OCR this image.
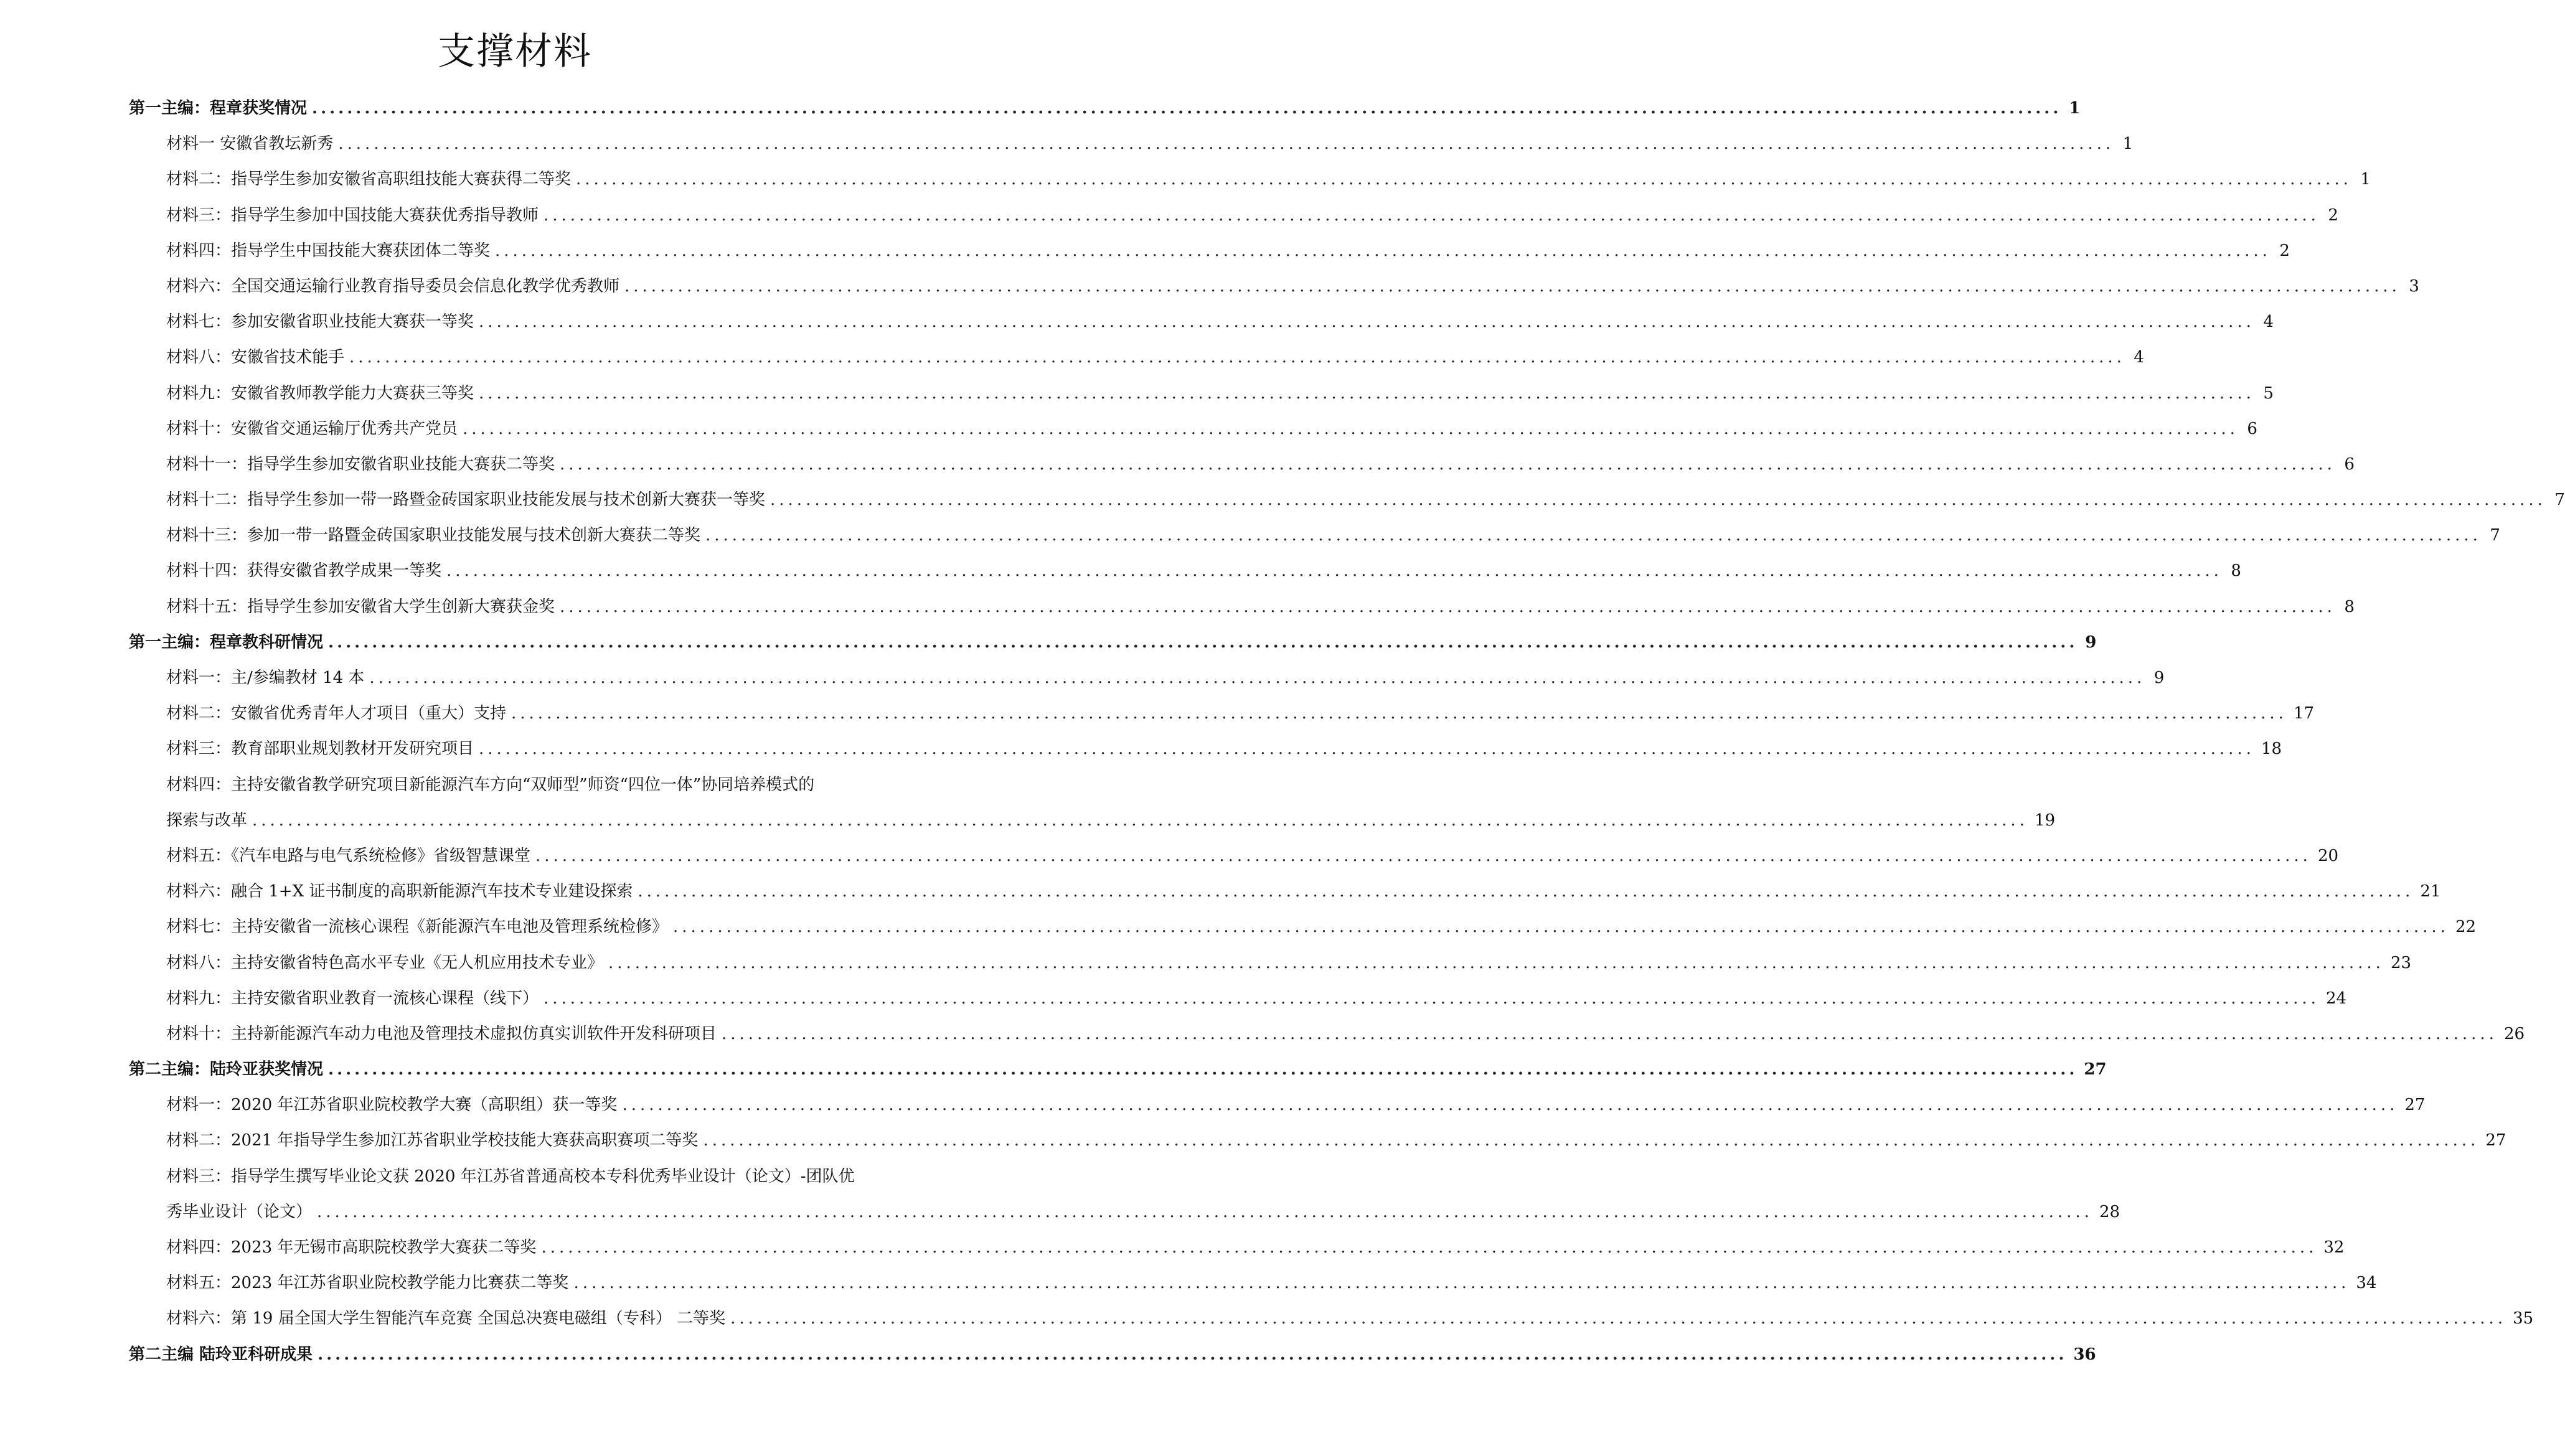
支撑材料
第一主编：程章获奖情况 ........................................................................................................................................................................................................ 1
材料一 安徽省教坛新秀 ........................................................................................................................................................................................................ 1
材料二：指导学生参加安徽省高职组技能大赛获得二等奖 ........................................................................................................................................................................................................ 1
材料三：指导学生参加中国技能大赛获优秀指导教师 ........................................................................................................................................................................................................ 2
材料四：指导学生中国技能大赛获团体二等奖 ........................................................................................................................................................................................................ 2
材料六：全国交通运输行业教育指导委员会信息化教学优秀教师 ........................................................................................................................................................................................................ 3
材料七：参加安徽省职业技能大赛获一等奖 ........................................................................................................................................................................................................ 4
材料八：安徽省技术能手 ........................................................................................................................................................................................................ 4
材料九：安徽省教师教学能力大赛获三等奖 ........................................................................................................................................................................................................ 5
材料十：安徽省交通运输厅优秀共产党员 ........................................................................................................................................................................................................ 6
材料十一：指导学生参加安徽省职业技能大赛获二等奖 ........................................................................................................................................................................................................ 6
材料十二：指导学生参加一带一路暨金砖国家职业技能发展与技术创新大赛获一等奖 ........................................................................................................................................................................................................ 7
材料十三：参加一带一路暨金砖国家职业技能发展与技术创新大赛获二等奖 ........................................................................................................................................................................................................ 7
材料十四：获得安徽省教学成果一等奖 ........................................................................................................................................................................................................ 8
材料十五：指导学生参加安徽省大学生创新大赛获金奖 ........................................................................................................................................................................................................ 8
第一主编：程章教科研情况 ........................................................................................................................................................................................................ 9
材料一：主/参编教材 14 本 ........................................................................................................................................................................................................ 9
材料二：安徽省优秀青年人才项目（重大）支持 ........................................................................................................................................................................................................ 17
材料三：教育部职业规划教材开发研究项目 ........................................................................................................................................................................................................ 18
材料四：主持安徽省教学研究项目新能源汽车方向“双师型”师资“四位一体”协同培养模式的
探索与改革 ........................................................................................................................................................................................................ 19
材料五：《汽车电路与电气系统检修》省级智慧课堂 ........................................................................................................................................................................................................ 20
材料六：融合 1+X 证书制度的高职新能源汽车技术专业建设探索 ........................................................................................................................................................................................................ 21
材料七：主持安徽省一流核心课程《新能源汽车电池及管理系统检修》 ........................................................................................................................................................................................................ 22
材料八：主持安徽省特色高水平专业《无人机应用技术专业》 ........................................................................................................................................................................................................ 23
材料九：主持安徽省职业教育一流核心课程（线下） ........................................................................................................................................................................................................ 24
材料十：主持新能源汽车动力电池及管理技术虚拟仿真实训软件开发科研项目 ........................................................................................................................................................................................................ 26
第二主编：陆玲亚获奖情况 ........................................................................................................................................................................................................ 27
材料一：2020 年江苏省职业院校教学大赛（高职组）获一等奖 ........................................................................................................................................................................................................ 27
材料二：2021 年指导学生参加江苏省职业学校技能大赛获高职赛项二等奖 ........................................................................................................................................................................................................ 27
材料三：指导学生撰写毕业论文获 2020 年江苏省普通高校本专科优秀毕业设计（论文）-团队优
秀毕业设计（论文） ........................................................................................................................................................................................................ 28
材料四：2023 年无锡市高职院校教学大赛获二等奖 ........................................................................................................................................................................................................ 32
材料五：2023 年江苏省职业院校教学能力比赛获二等奖 ........................................................................................................................................................................................................ 34
材料六：第 19 届全国大学生智能汽车竞赛 全国总决赛电磁组（专科） 二等奖 ........................................................................................................................................................................................................ 35
第二主编 陆玲亚科研成果 ........................................................................................................................................................................................................ 36
